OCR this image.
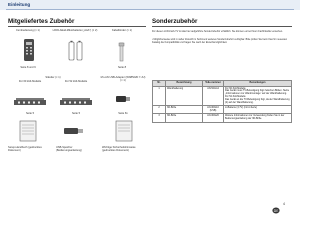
Einleitung
Mitgeliefertes Zubehör
Fernbedienung (× 1)	LR03-Alkali-Mikrobatterie („AAA") (× 2)	Kabelbinder (× 1)
Seite 8 und 9	Seite 8
Ständer (× 1)
Für 60 Zoll-Modelle	Für 52 Zoll-Modelle
M-LAN USB-Adapter (WN8522D 7-JU) (× 1)
Seite 5	Seite 5	Seite 61
Setup-Handbuch (gedrucktes Dokument)
USB-Speicher (Bedienungsanleitung)
Wichtige Sicherheitshinweise (gedrucktes Dokument)
Sonderzubehör
Für diesen LCD-Farb-TV ist das hier aufgeführte Sonderzubehör erhältlich. Sie können es bei Ihrem Fachhändler erwerben.
• Möglicherweise wird in naher Zukunft im Sortiment weiteres Sonderzubehör verfügbar. Bitte prüfen Sie beim Kauf im neuesten Katalog die Kompatibilität und fragen Sie nach der Erwerbsmöglichkeit.
Nr.	Bezeichnung	Teile-nummer	Bemerkungen
1	Wandhalterung	AN-52AG4	Für 60 Zoll-Modelle
Das Gerät muss TV-Befestigung fügt zwischen Bilden. Siehe „Informationen zur Wandmontage“ auf der Wandhalterung.
Für 52 Zoll-Modelle
Das Gerät an die TV-Befestigung fügt, da der Wandhalterung (2) auf der Wandhalterung.
2	3D-Brille	AN-3DG10 (USB)	Li-Batterie (3,7V) (mit A-Serie)
3	3D-Brille	AN-3DG20	Weitere Informationen zur Verwendung finden Sie in der Bedienungsanleitung der 3D-Brille.
DE
4
